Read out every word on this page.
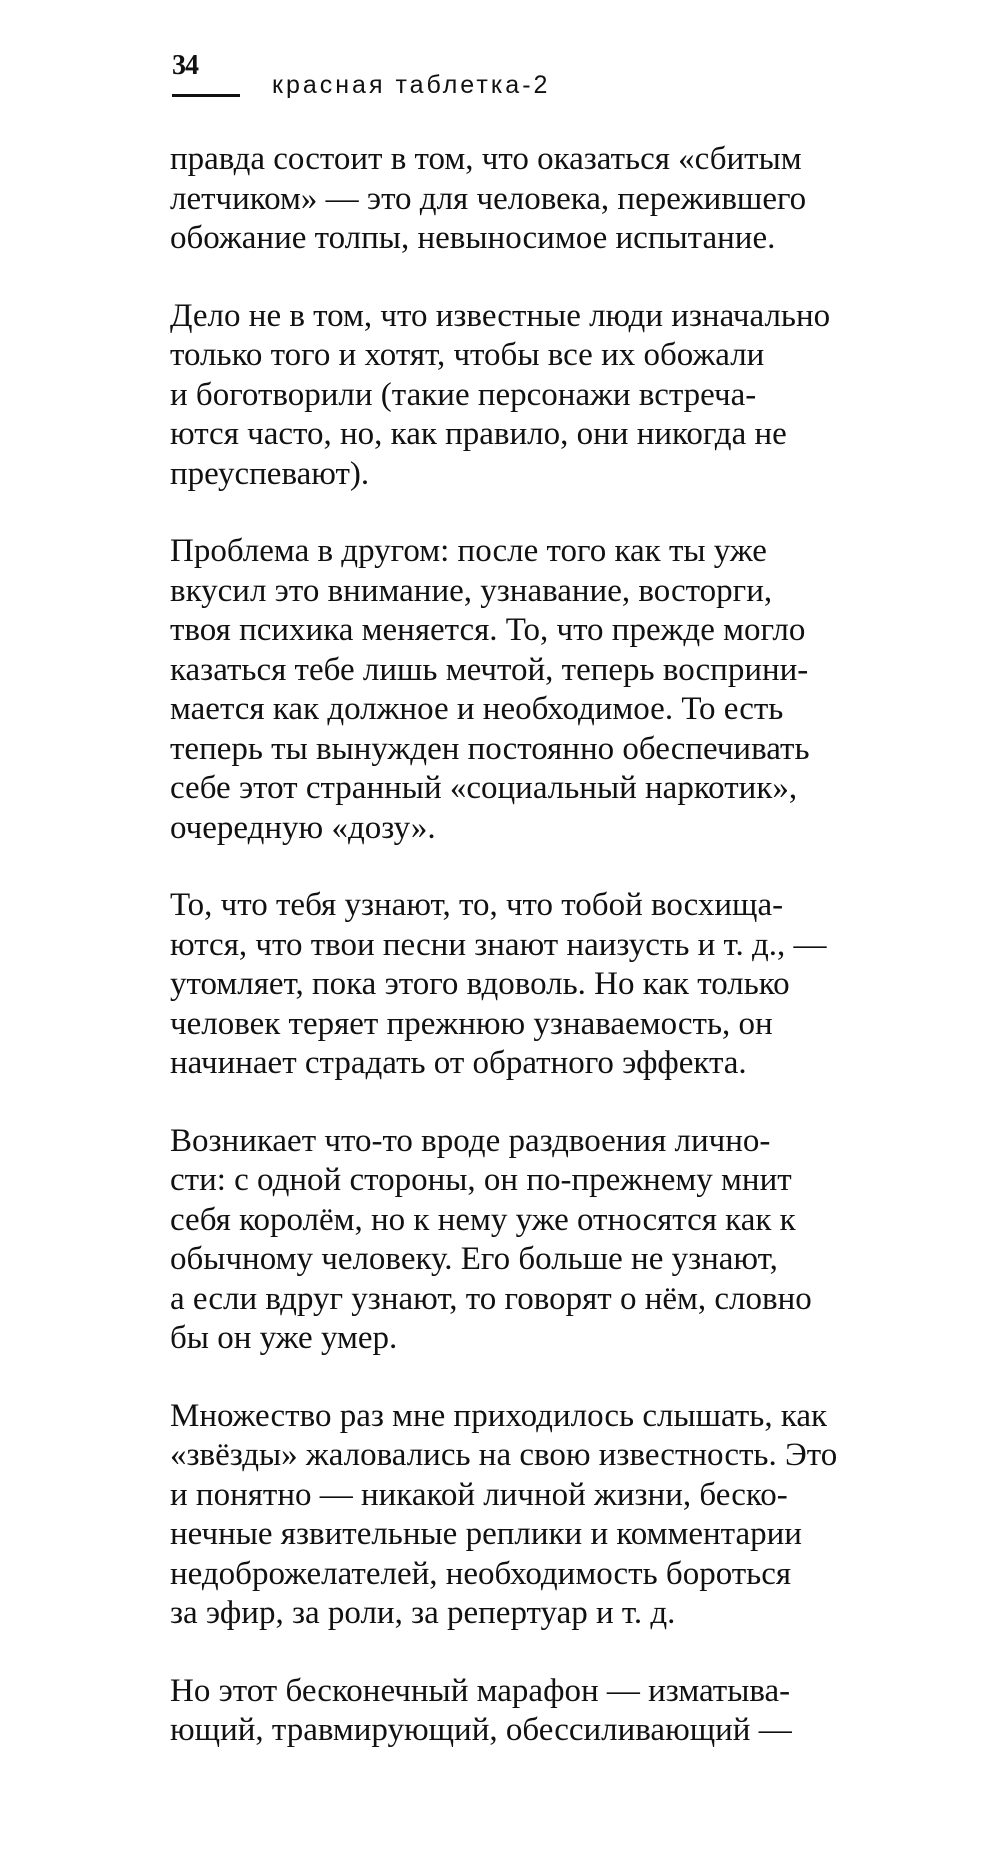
34
красная таблетка-2

правда состоит в том, что оказаться «сбитым
летчиком» — это для человека, пережившего
обожание толпы, невыносимое испытание.

Дело не в том, что известные люди изначально
только того и хотят, чтобы все их обожали
и боготворили (такие персонажи встреча-
ются часто, но, как правило, они никогда не
преуспевают).

Проблема в другом: после того как ты уже
вкусил это внимание, узнавание, восторги,
твоя психика меняется. То, что прежде могло
казаться тебе лишь мечтой, теперь восприни-
мается как должное и необходимое. То есть
теперь ты вынужден постоянно обеспечивать
себе этот странный «социальный наркотик»,
очередную «дозу».

То, что тебя узнают, то, что тобой восхища-
ются, что твои песни знают наизусть и т. д., —
утомляет, пока этого вдоволь. Но как только
человек теряет прежнюю узнаваемость, он
начинает страдать от обратного эффекта.

Возникает что-то вроде раздвоения лично-
сти: с одной стороны, он по-прежнему мнит
себя королём, но к нему уже относятся как к
обычному человеку. Его больше не узнают,
а если вдруг узнают, то говорят о нём, словно
бы он уже умер.

Множество раз мне приходилось слышать, как
«звёзды» жаловались на свою известность. Это
и понятно — никакой личной жизни, беско-
нечные язвительные реплики и комментарии
недоброжелателей, необходимость бороться
за эфир, за роли, за репертуар и т. д.

Но этот бесконечный марафон — изматыва-
ющий, травмирующий, обессиливающий —
